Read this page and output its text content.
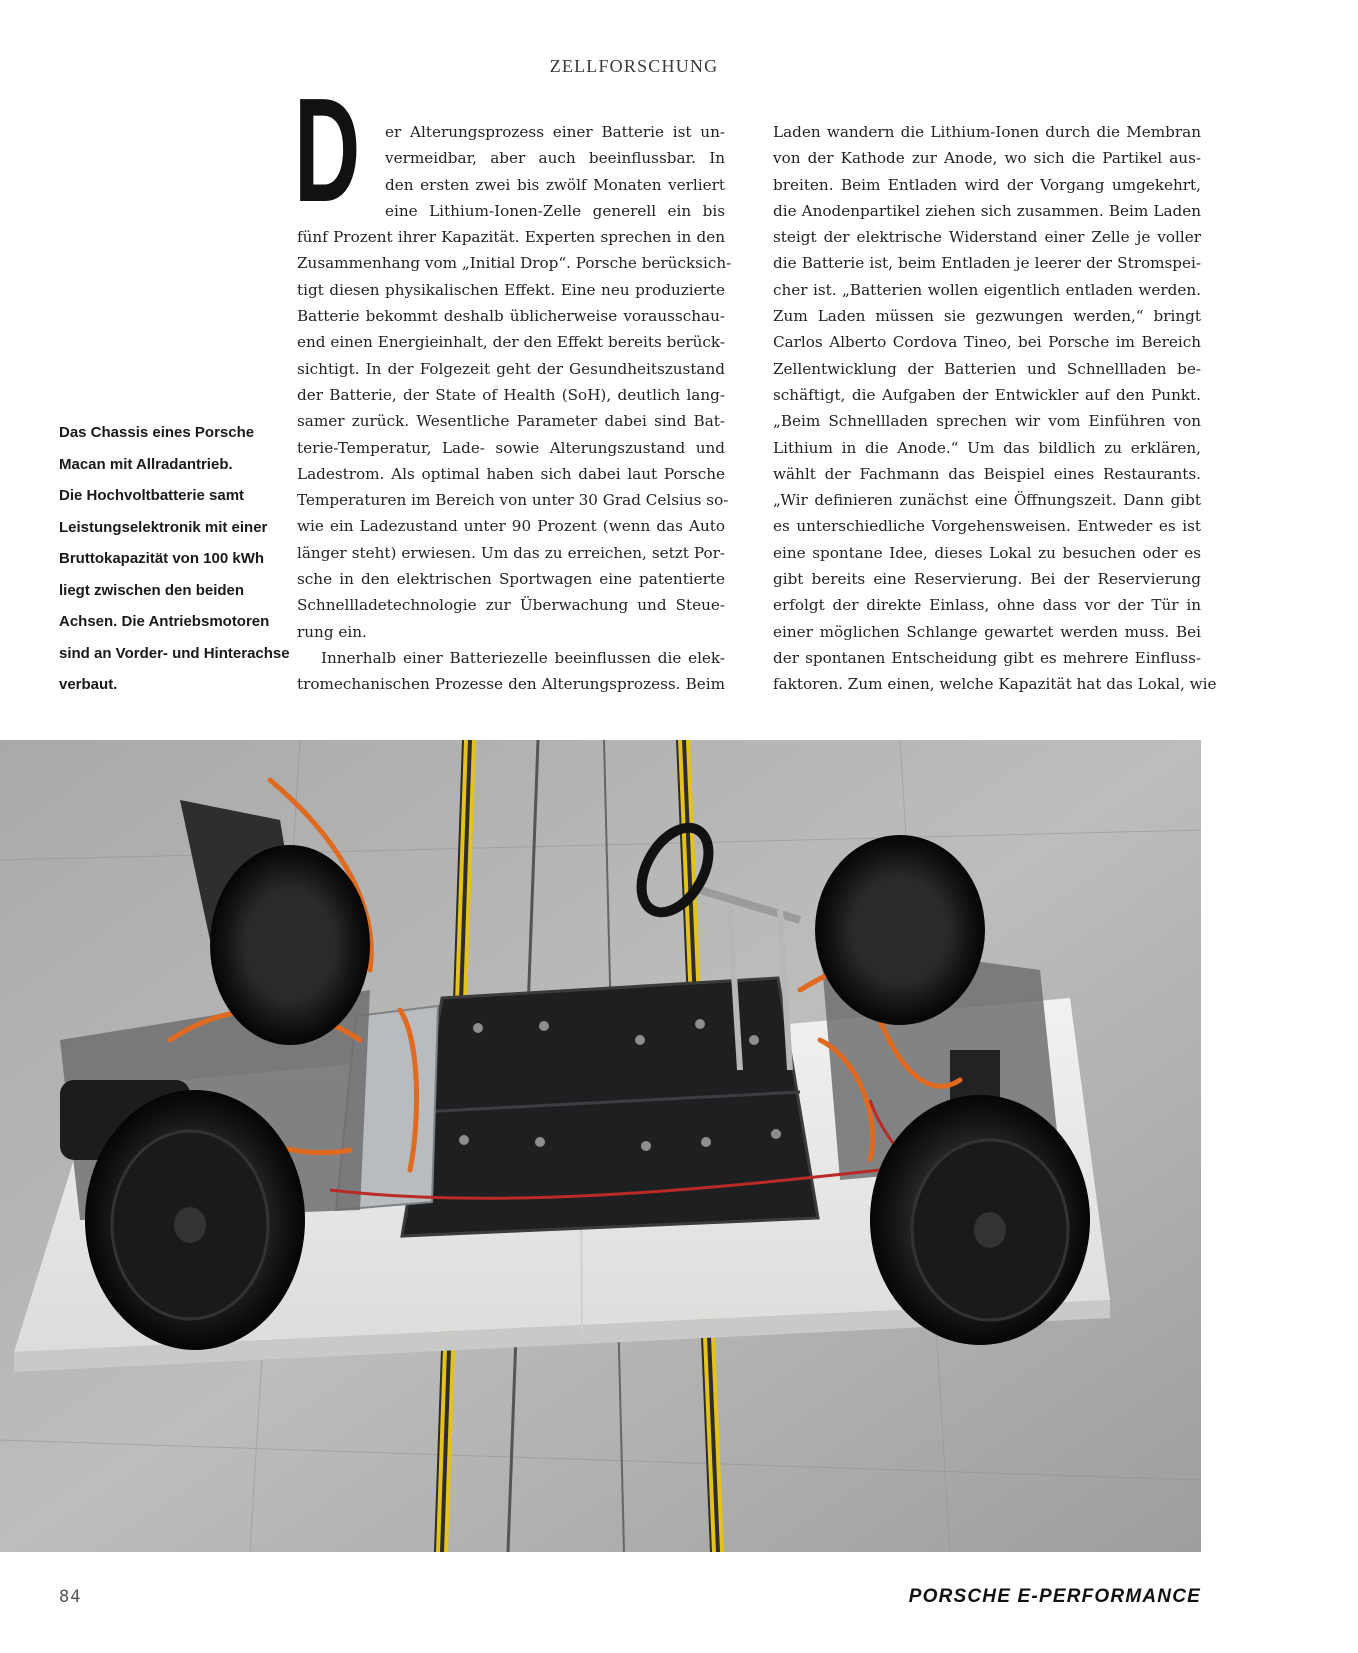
ZELLFORSCHUNG
D
Das Chassis eines Porsche
Macan mit Allradantrieb.
Die Hochvoltbatterie samt
Leistungselektronik mit einer
Bruttokapazität von 100 kWh
liegt zwischen den beiden
Achsen. Die Antriebsmotoren
sind an Vorder- und Hinterachse
verbaut.
er Alterungsprozess einer Batterie ist un-
vermeidbar, aber auch beeinflussbar. In
den ersten zwei bis zwölf Monaten verliert
eine Lithium-Ionen-Zelle generell ein bis
fünf Prozent ihrer Kapazität. Experten sprechen in den
Zusammenhang vom „Initial Drop“. Porsche berücksich-
tigt diesen physikalischen Effekt. Eine neu produzierte
Batterie bekommt deshalb üblicherweise vorausschau-
end einen Energieinhalt, der den Effekt bereits berück-
sichtigt. In der Folgezeit geht der Gesundheitszustand
der Batterie, der State of Health (SoH), deutlich lang-
samer zurück. Wesentliche Parameter dabei sind Bat-
terie-Temperatur, Lade- sowie Alterungszustand und
Ladestrom. Als optimal haben sich dabei laut Porsche
Temperaturen im Bereich von unter 30 Grad Celsius so-
wie ein Ladezustand unter 90 Prozent (wenn das Auto
länger steht) erwiesen. Um das zu erreichen, setzt Por-
sche in den elektrischen Sportwagen eine patentierte
Schnellladetechnologie zur Überwachung und Steue-
rung ein.
Innerhalb einer Batteriezelle beeinflussen die elek-
tromechanischen Prozesse den Alterungsprozess. Beim
Laden wandern die Lithium-Ionen durch die Membran
von der Kathode zur Anode, wo sich die Partikel aus-
breiten. Beim Entladen wird der Vorgang umgekehrt,
die Anodenpartikel ziehen sich zusammen. Beim Laden
steigt der elektrische Widerstand einer Zelle je voller
die Batterie ist, beim Entladen je leerer der Stromspei-
cher ist. „Batterien wollen eigentlich entladen werden.
Zum Laden müssen sie gezwungen werden,“ bringt
Carlos Alberto Cordova Tineo, bei Porsche im Bereich
Zellentwicklung der Batterien und Schnellladen be-
schäftigt, die Aufgaben der Entwickler auf den Punkt.
„Beim Schnellladen sprechen wir vom Einführen von
Lithium in die Anode.“ Um das bildlich zu erklären,
wählt der Fachmann das Beispiel eines Restaurants.
„Wir definieren zunächst eine Öffnungszeit. Dann gibt
es unterschiedliche Vorgehensweisen. Entweder es ist
eine spontane Idee, dieses Lokal zu besuchen oder es
gibt bereits eine Reservierung. Bei der Reservierung
erfolgt der direkte Einlass, ohne dass vor der Tür in
einer möglichen Schlange gewartet werden muss. Bei
der spontanen Entscheidung gibt es mehrere Einfluss-
faktoren. Zum einen, welche Kapazität hat das Lokal, wie
84	PORSCHE E-PERFORMANCE
